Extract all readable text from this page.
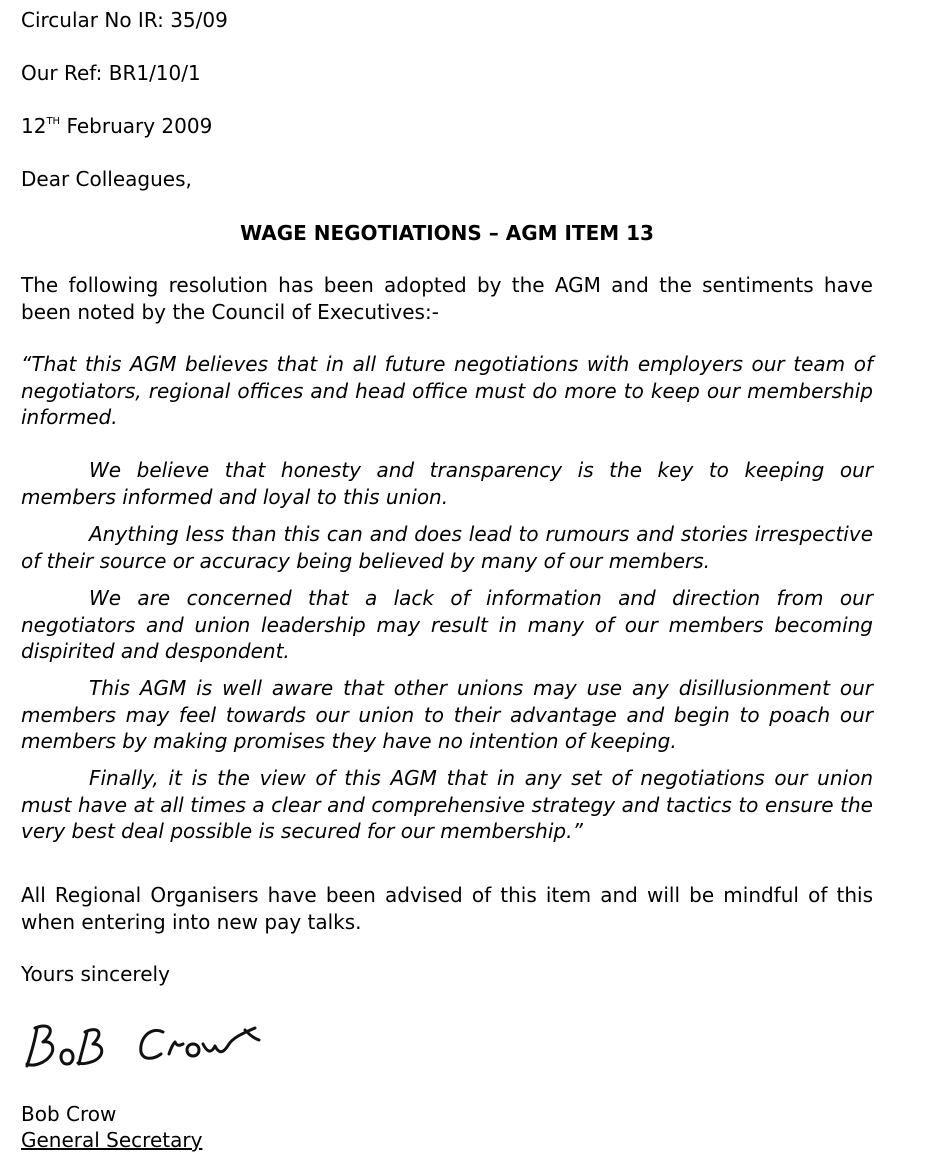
Circular No IR: 35/09
Our Ref: BR1/10/1
12TH February 2009
Dear Colleagues,
WAGE NEGOTIATIONS – AGM ITEM 13
The following resolution has been adopted by the AGM and the sentiments have been noted by the Council of Executives:-
“That this AGM believes that in all future negotiations with employers our team of negotiators, regional offices and head office must do more to keep our membership informed.
We believe that honesty and transparency is the key to keeping our members informed and loyal to this union.
Anything less than this can and does lead to rumours and stories irrespective of their source or accuracy being believed by many of our members.
We are concerned that a lack of information and direction from our negotiators and union leadership may result in many of our members becoming dispirited and despondent.
This AGM is well aware that other unions may use any disillusionment our members may feel towards our union to their advantage and begin to poach our members by making promises they have no intention of keeping.
Finally, it is the view of this AGM that in any set of negotiations our union must have at all times a clear and comprehensive strategy and tactics to ensure the very best deal possible is secured for our membership.”
All Regional Organisers have been advised of this item and will be mindful of this when entering into new pay talks.
Yours sincerely
Bob Crow
General Secretary
